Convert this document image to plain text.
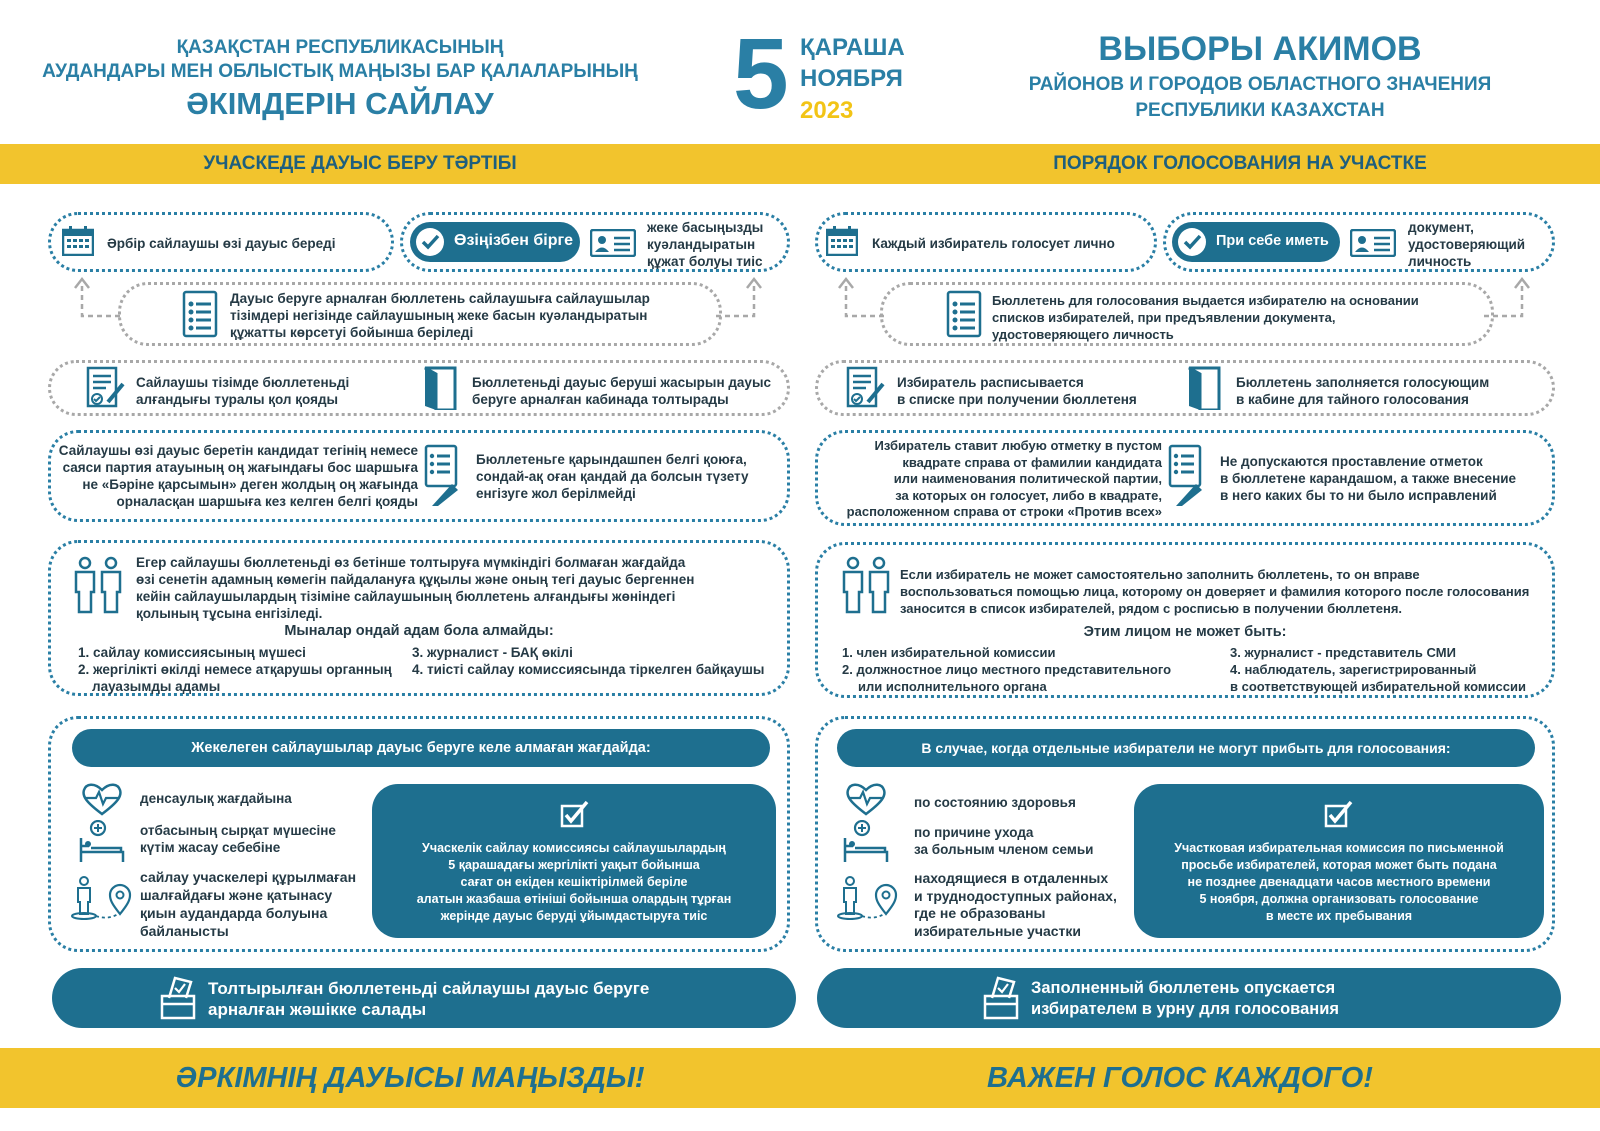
ҚАЗАҚСТАН РЕСПУБЛИКАСЫНЫҢ
АУДАНДАРЫ МЕН ОБЛЫСТЫҚ МАҢЫЗЫ БАР ҚАЛАЛАРЫНЫҢ
ӘКІМДЕРІН САЙЛАУ	5 ҚАРАША
НОЯБРЯ
2023
ВЫБОРЫ АКИМОВ
РАЙОНОВ И ГОРОДОВ ОБЛАСТНОГО ЗНАЧЕНИЯ
РЕСПУБЛИКИ КАЗАХСТАН
УЧАСКЕДЕ ДАУЫС БЕРУ ТӘРТІБІ	ПОРЯДОК ГОЛОСОВАНИЯ НА УЧАСТКЕ
Әрбір сайлаушы өзі дауыс береді	Өзіңізбен бірге
жеке басыңызды
куәландыратын
құжат болуы тиіс
Дауыс беруге арналған бюллетень сайлаушыға сайлаушылар
тізімдері негізінде сайлаушының жеке басын куәландыратын
құжатты көрсетуі бойынша беріледі
Сайлаушы тізімде бюллетеньді
алғандығы туралы қол қояды
Бюллетеньді дауыс беруші жасырын дауыс
беруге арналған кабинада толтырады
Сайлаушы өзі дауыс беретін кандидат тегінің немесе
саяси партия атауының оң жағындағы бос шаршыға
не «Бәріне қарсымын» деген жолдың оң жағында
орналасқан шаршыға кез келген белгі қояды
Бюллетеньге қарындашпен белгі қоюға,
сондай-ақ оған қандай да болсын түзету
енгізуге жол берілмейді
Егер сайлаушы бюллетеньді өз бетінше толтыруға мүмкіндігі болмаған жағдайда
өзі сенетін адамның көмегін пайдалануға құқылы және оның тегі дауыс бергеннен
кейін сайлаушылардың тізіміне сайлаушының бюллетень алғандығы жөніндегі
қолының тұсына енгізіледі.
Мыналар ондай адам бола алмайды:
1. сайлау комиссиясының мүшесі
2. жергілікті өкілді немесе атқарушы органның
лауазымды адамы
3. журналист - БАҚ өкілі
4. тиісті сайлау комиссиясында тіркелген байқаушы
Жекелеген сайлаушылар дауыс беруге келе алмаған жағдайда:
денсаулық жағдайына
отбасының сырқат мүшесіне
күтім жасау себебіне
сайлау учаскелері құрылмаған
шалғайдағы және қатынасу
қиын аудандарда болуына
байланысты
Учаскелік сайлау комиссиясы сайлаушылардың
5 қарашадағы жергілікті уақыт бойынша
сағат он екіден кешіктірілмей беріле
алатын жазбаша өтініші бойынша олардың тұрған
жерінде дауыс беруді ұйымдастыруға тиіс
Толтырылған бюллетеньді сайлаушы дауыс беруге
арналған жәшікке салады
Каждый избиратель голосует лично	При себе иметь
документ,
удостоверяющий
личность
Бюллетень для голосования выдается избирателю на основании
списков избирателей, при предъявлении документа,
удостоверяющего личность
Избиратель расписывается
в списке при получении бюллетеня
Бюллетень заполняется голосующим
в кабине для тайного голосования
Избиратель ставит любую отметку в пустом
квадрате справа от фамилии кандидата
или наименования политической партии,
за которых он голосует, либо в квадрате,
расположенном справа от строки «Против всех»
Не допускаются проставление отметок
в бюллетене карандашом, а также внесение
в него каких бы то ни было исправлений
Если избиратель не может самостоятельно заполнить бюллетень, то он вправе
воспользоваться помощью лица, которому он доверяет и фамилия которого после голосования
заносится в список избирателей, рядом с росписью в получении бюллетеня.
Этим лицом не может быть:
1. член избирательной комиссии
2. должностное лицо местного представительного
или исполнительного органа
3. журналист - представитель СМИ
4. наблюдатель, зарегистрированный
в соответствующей избирательной комиссии
В случае, когда отдельные избиратели не могут прибыть для голосования:
по состоянию здоровья
по причине ухода
за больным членом семьи
находящиеся в отдаленных
и труднодоступных районах,
где не образованы
избирательные участки
Участковая избирательная комиссия по письменной
просьбе избирателей, которая может быть подана
не позднее двенадцати часов местного времени
5 ноября, должна организовать голосование
в месте их пребывания
Заполненный бюллетень опускается
избирателем в урну для голосования
ӘРКІМНІҢ ДАУЫСЫ МАҢЫЗДЫ!	ВАЖЕН ГОЛОС КАЖДОГО!
